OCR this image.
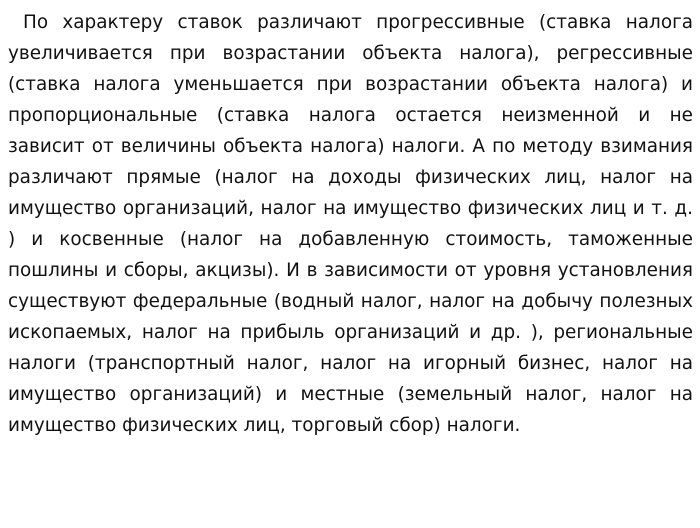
По характеру ставок различают прогрессивные (ставка налога увеличивается при возрастании объекта налога), регрессивные (ставка налога уменьшается при возрастании объекта налога) и пропорциональные (ставка налога остается неизменной и не зависит от величины объекта налога) налоги. А по методу взимания различают прямые (налог на доходы физических лиц, налог на имущество организаций, налог на имущество физических лиц и т. д. ) и косвенные (налог на добавленную стоимость, таможенные пошлины и сборы, акцизы). И в зависимости от уровня установления существуют федеральные (водный налог, налог на добычу полезных ископаемых, налог на прибыль организаций и др. ), региональные налоги (транспортный налог, налог на игорный бизнес, налог на имущество организаций) и местные (земельный налог, налог на имущество физических лиц, торговый сбор) налоги.
